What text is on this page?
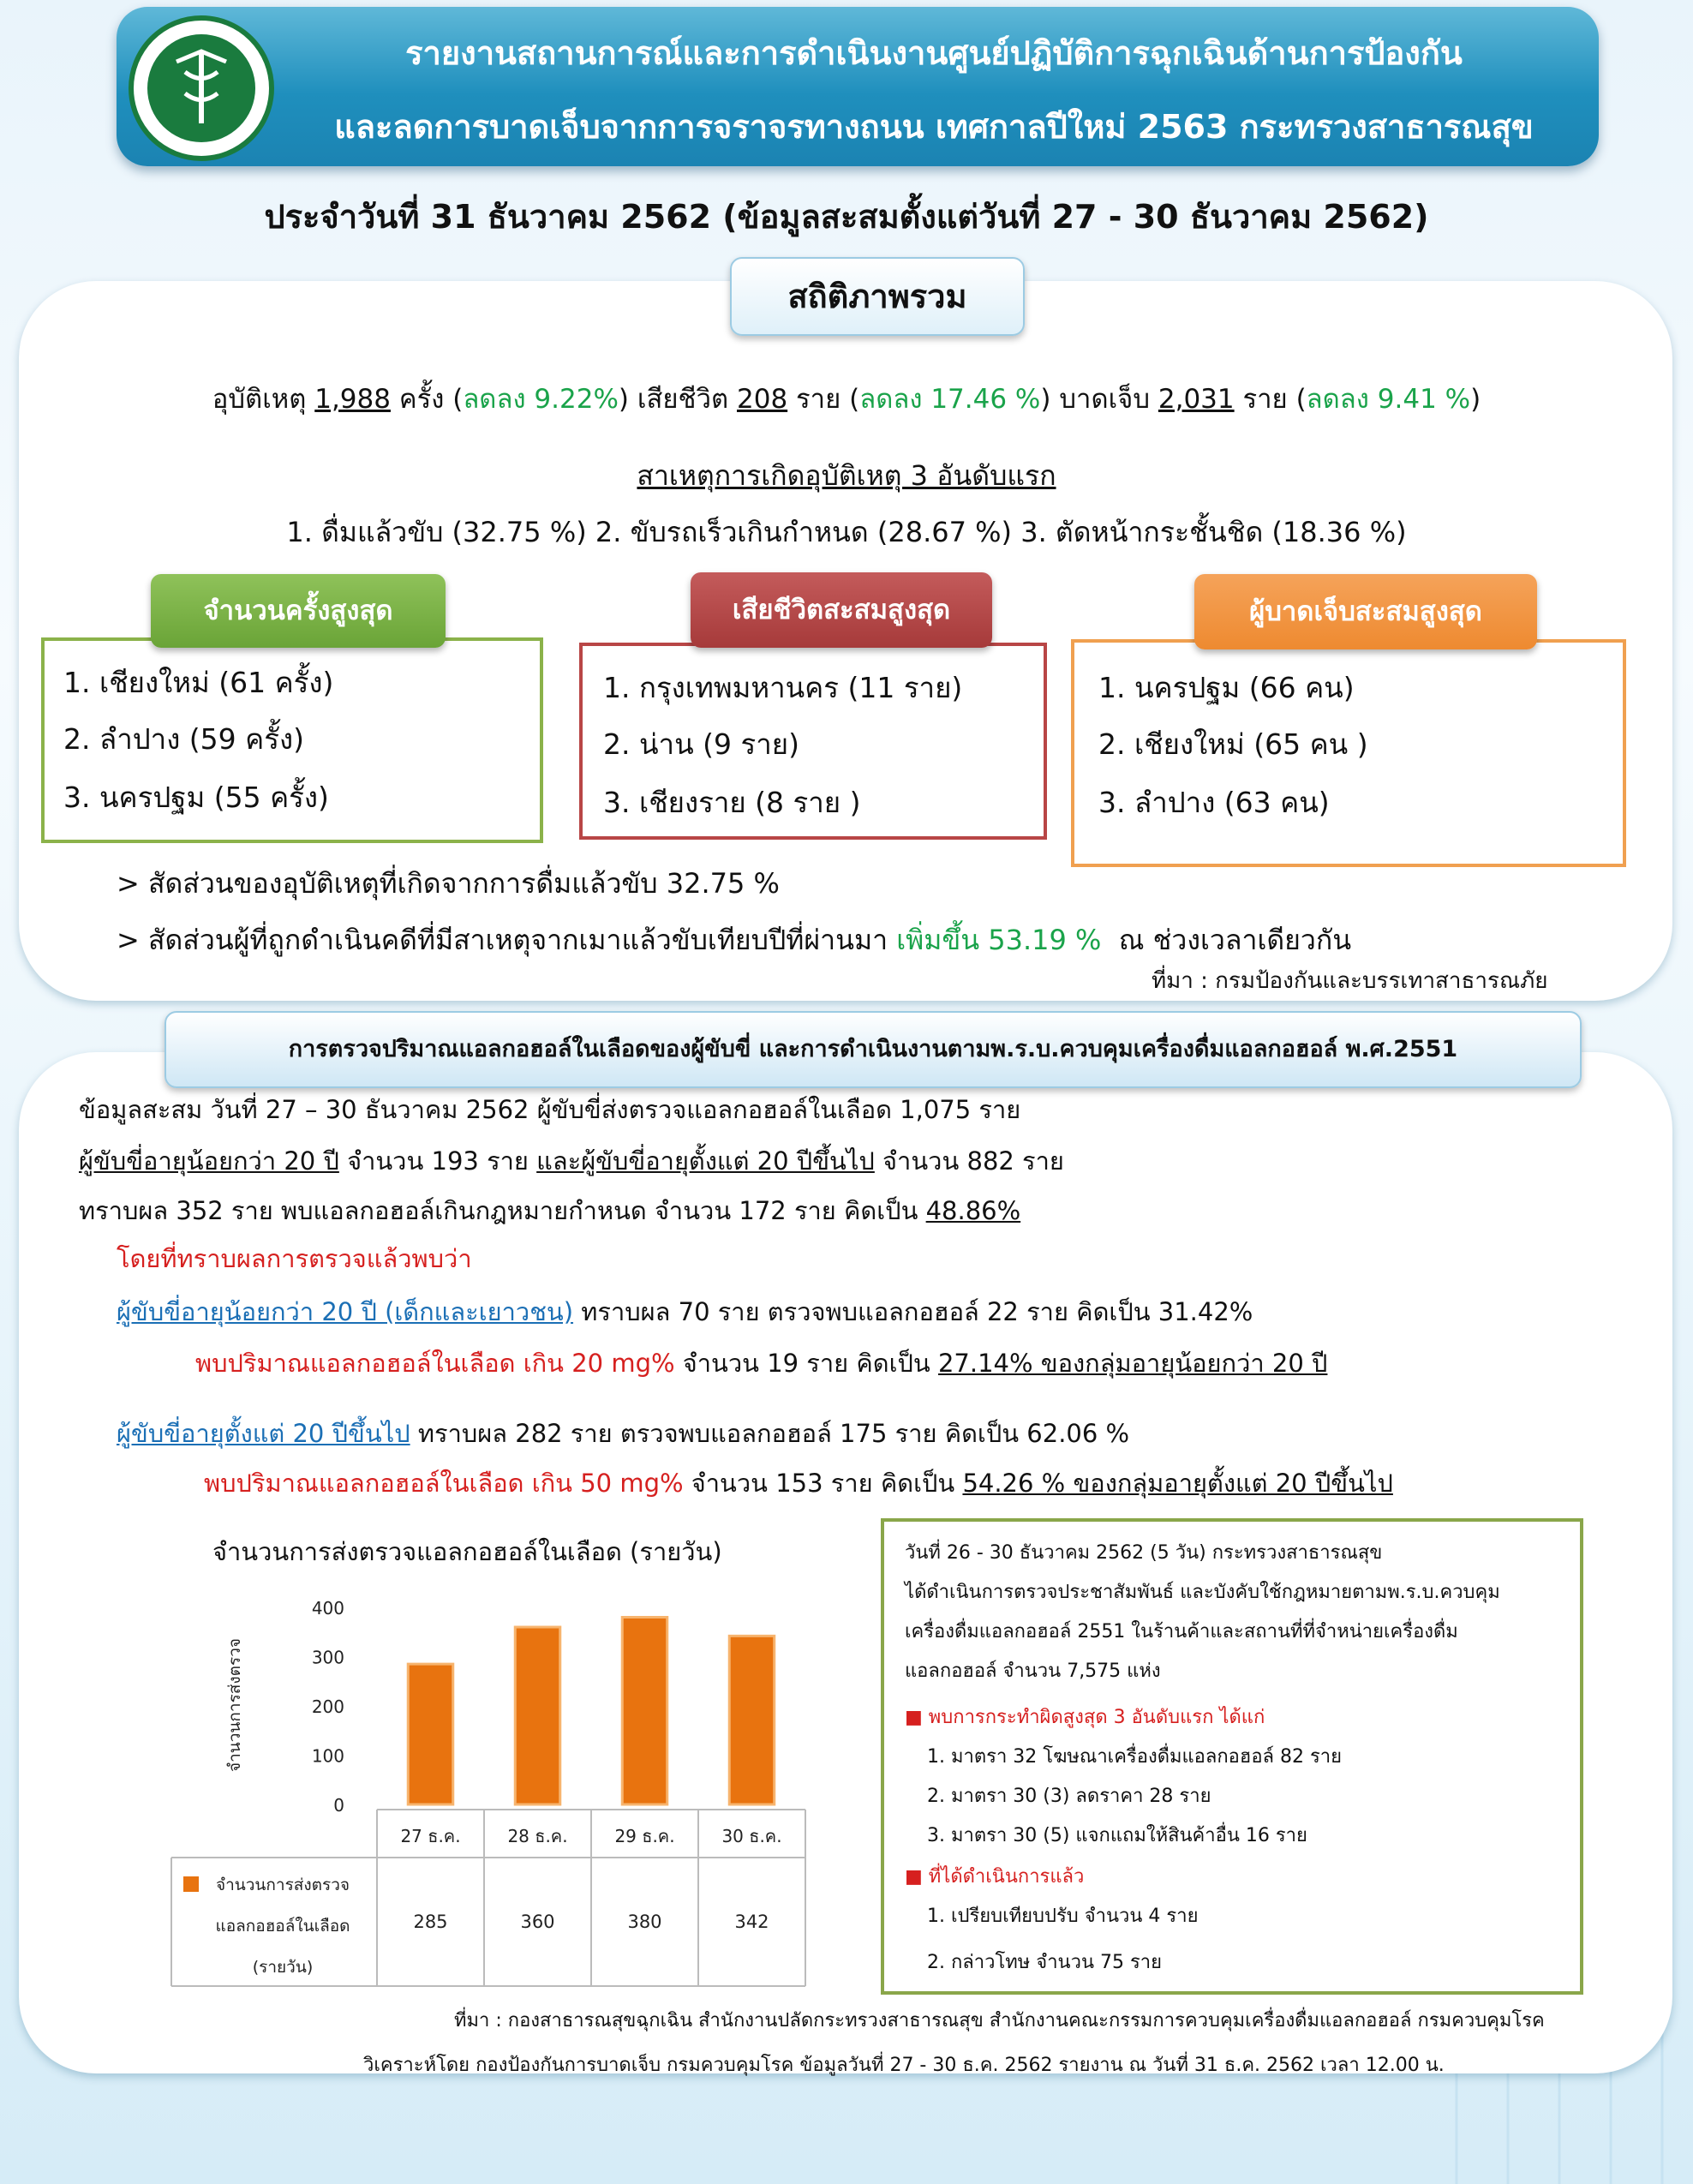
รายงานสถานการณ์และการดำเนินงานศูนย์ปฏิบัติการฉุกเฉินด้านการป้องกัน
และลดการบาดเจ็บจากการจราจรทางถนน เทศกาลปีใหม่ 2563 กระทรวงสาธารณสุข
ประจำวันที่ 31 ธันวาคม 2562 (ข้อมูลสะสมตั้งแต่วันที่ 27 - 30 ธันวาคม 2562)
สถิติภาพรวม
อุบัติเหตุ 1,988 ครั้ง (ลดลง 9.22%) เสียชีวิต 208 ราย (ลดลง 17.46 %) บาดเจ็บ 2,031 ราย (ลดลง 9.41 %)
สาเหตุการเกิดอุบัติเหตุ 3 อันดับแรก
1. ดื่มแล้วขับ (32.75 %) 2. ขับรถเร็วเกินกำหนด (28.67 %) 3. ตัดหน้ากระชั้นชิด (18.36 %)
จำนวนครั้งสูงสุด
1. เชียงใหม่ (61 ครั้ง)
2. ลำปาง (59 ครั้ง)
3. นครปฐม (55 ครั้ง)
เสียชีวิตสะสมสูงสุด
1. กรุงเทพมหานคร (11 ราย)
2. น่าน (9 ราย)
3. เชียงราย (8 ราย )
ผู้บาดเจ็บสะสมสูงสุด
1. นครปฐม (66 คน)
2. เชียงใหม่ (65 คน )
3. ลำปาง (63 คน)
> สัดส่วนของอุบัติเหตุที่เกิดจากการดื่มแล้วขับ 32.75 %
> สัดส่วนผู้ที่ถูกดำเนินคดีที่มีสาเหตุจากเมาแล้วขับเทียบปีที่ผ่านมา เพิ่มขึ้น 53.19 % ณ ช่วงเวลาเดียวกัน
ที่มา : กรมป้องกันและบรรเทาสาธารณภัย
การตรวจปริมาณแอลกอฮอล์ในเลือดของผู้ขับขี่ และการดำเนินงานตามพ.ร.บ.ควบคุมเครื่องดื่มแอลกอฮอล์ พ.ศ.2551
ข้อมูลสะสม วันที่ 27 – 30 ธันวาคม 2562 ผู้ขับขี่ส่งตรวจแอลกอฮอล์ในเลือด 1,075 ราย
ผู้ขับขี่อายุน้อยกว่า 20 ปี จำนวน 193 ราย และผู้ขับขี่อายุตั้งแต่ 20 ปีขึ้นไป จำนวน 882 ราย
ทราบผล 352 ราย พบแอลกอฮอล์เกินกฎหมายกำหนด จำนวน 172 ราย คิดเป็น 48.86%
โดยที่ทราบผลการตรวจแล้วพบว่า
ผู้ขับขี่อายุน้อยกว่า 20 ปี (เด็กและเยาวชน) ทราบผล 70 ราย ตรวจพบแอลกอฮอล์ 22 ราย คิดเป็น 31.42%
พบปริมาณแอลกอฮอล์ในเลือด เกิน 20 mg% จำนวน 19 ราย คิดเป็น 27.14% ของกลุ่มอายุน้อยกว่า 20 ปี
ผู้ขับขี่อายุตั้งแต่ 20 ปีขึ้นไป ทราบผล 282 ราย ตรวจพบแอลกอฮอล์ 175 ราย คิดเป็น 62.06 %
พบปริมาณแอลกอฮอล์ในเลือด เกิน 50 mg% จำนวน 153 ราย คิดเป็น 54.26 % ของกลุ่มอายุตั้งแต่ 20 ปีขึ้นไป
จำนวนการส่งตรวจแอลกอฮอล์ในเลือด (รายวัน)
0
100
200
300
400
จำนวนการส่งตรวจ
27 ธ.ค.
285
28 ธ.ค.
360
29 ธ.ค.
380
30 ธ.ค.
342
จำนวนการส่งตรวจ
แอลกอฮอล์ในเลือด
(รายวัน)
วันที่ 26 - 30 ธันวาคม 2562 (5 วัน) กระทรวงสาธารณสุข
ได้ดำเนินการตรวจประชาสัมพันธ์ และบังคับใช้กฎหมายตามพ.ร.บ.ควบคุม
เครื่องดื่มแอลกอฮอล์ 2551 ในร้านค้าและสถานที่ที่จำหน่ายเครื่องดื่ม
แอลกอฮอล์ จำนวน 7,575 แห่ง
■ พบการกระทำผิดสูงสุด 3 อันดับแรก ได้แก่
1. มาตรา 32 โฆษณาเครื่องดื่มแอลกอฮอล์ 82 ราย
2. มาตรา 30 (3) ลดราคา 28 ราย
3. มาตรา 30 (5) แจกแถมให้สินค้าอื่น 16 ราย
■ ที่ได้ดำเนินการแล้ว
1. เปรียบเทียบปรับ จำนวน 4 ราย
2. กล่าวโทษ จำนวน 75 ราย
ที่มา : กองสาธารณสุขฉุกเฉิน สำนักงานปลัดกระทรวงสาธารณสุข สำนักงานคณะกรรมการควบคุมเครื่องดื่มแอลกอฮอล์ กรมควบคุมโรค
วิเคราะห์โดย กองป้องกันการบาดเจ็บ กรมควบคุมโรค ข้อมูลวันที่ 27 - 30 ธ.ค. 2562 รายงาน ณ วันที่ 31 ธ.ค. 2562 เวลา 12.00 น.
